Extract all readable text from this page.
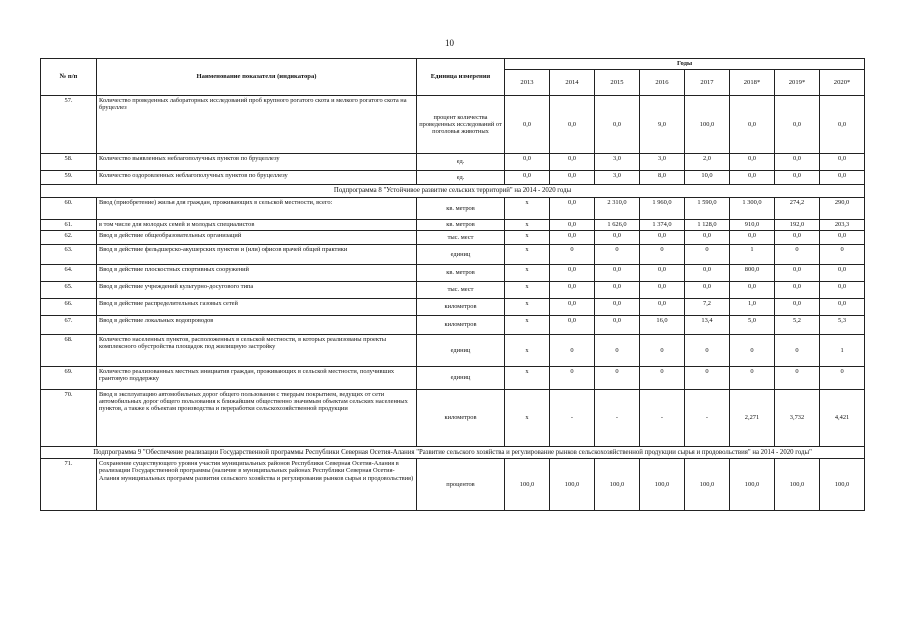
10
№ п/п	Наименование показателя (индикатора)	Единица измерения	Годы							
			2013	2014	2015	2016	2017	2018*	2019*	2020*
57.	Количество проведенных лабораторных исследований проб крупного рогатого скота и мелкого рогатого скота на бруцеллез	процент количества проведенных исследований от поголовья животных	0,0	0,0	0,0	9,0	100,0	0,0	0,0	0,0
58.	Количество выявленных неблагополучных пунктов по бруцеллезу	ед.	0,0	0,0	3,0	3,0	2,0	0,0	0,0	0,0
59.	Количество оздоровленных неблагополучных пунктов по бруцеллезу	ед.	0,0	0,0	3,0	8,0	10,0	0,0	0,0	0,0
Подпрограмма 8 "Устойчивое развитие сельских территорий" на 2014 - 2020 годы										
60.	Ввод (приобретение) жилья для граждан, проживающих в сельской местности, всего:	кв. метров	х	0,0	2 310,0	1 960,0	1 590,0	1 300,0	274,2	290,0
61.	в том числе для молодых семей и молодых специалистов	кв. метров	х	0,0	1 626,0	1 374,0	1 128,0	910,0	192,0	203,3
62.	Ввод в действие общеобразовательных организаций	тыс. мест	х	0,0	0,0	0,0	0,0	0,0	0,0	0,0
63.	Ввод в действие фельдшерско-акушерских пунктов и (или) офисов врачей общей практики	единиц	х	0	0	0	0	1	0	0
64.	Ввод в действие плоскостных спортивных сооружений	кв. метров	х	0,0	0,0	0,0	0,0	800,0	0,0	0,0
65.	Ввод в действие учреждений культурно-досугового типа	тыс. мест	х	0,0	0,0	0,0	0,0	0,0	0,0	0,0
66.	Ввод в действие распределительных газовых сетей	километров	х	0,0	0,0	0,0	7,2	1,0	0,0	0,0
67.	Ввод в действие локальных водопроводов	километров	х	0,0	0,0	16,0	13,4	5,0	5,2	5,3
68.	Количество населенных пунктов, расположенных в сельской местности, в которых реализованы проекты комплексного обустройства площадок под жилищную застройку	единиц	х	0	0	0	0	0	0	1
69.	Количество реализованных местных инициатив граждан, проживающих в сельской местности, получивших грантовую поддержку	единиц	х	0	0	0	0	0	0	0
70.	Ввод в эксплуатацию автомобильных дорог общего пользования с твердым покрытием, ведущих от сети автомобильных дорог общего пользования к ближайшим общественно значимым объектам сельских населенных пунктов, а также к объектам производства и переработки сельскохозяйственной продукции	километров	х	-	-	-	-	2,271	3,732	4,421
Подпрограмма 9 "Обеспечение реализации Государственной программы Республики Северная Осетия-Алания "Развитие сельского хозяйства и регулирование рынков сельскохозяйственной продукции сырья и продовольствия" на 2014 - 2020 годы"										
71.	Сохранение существующего уровня участия муниципальных районов Республики Северная Осетия-Алания в реализации Государственной программы (наличие в муниципальных районах Республики Северная Осетия-Алания муниципальных программ развития сельского хозяйства и регулирования рынков сырья и продовольствия)	процентов	100,0	100,0	100,0	100,0	100,0	100,0	100,0	100,0
